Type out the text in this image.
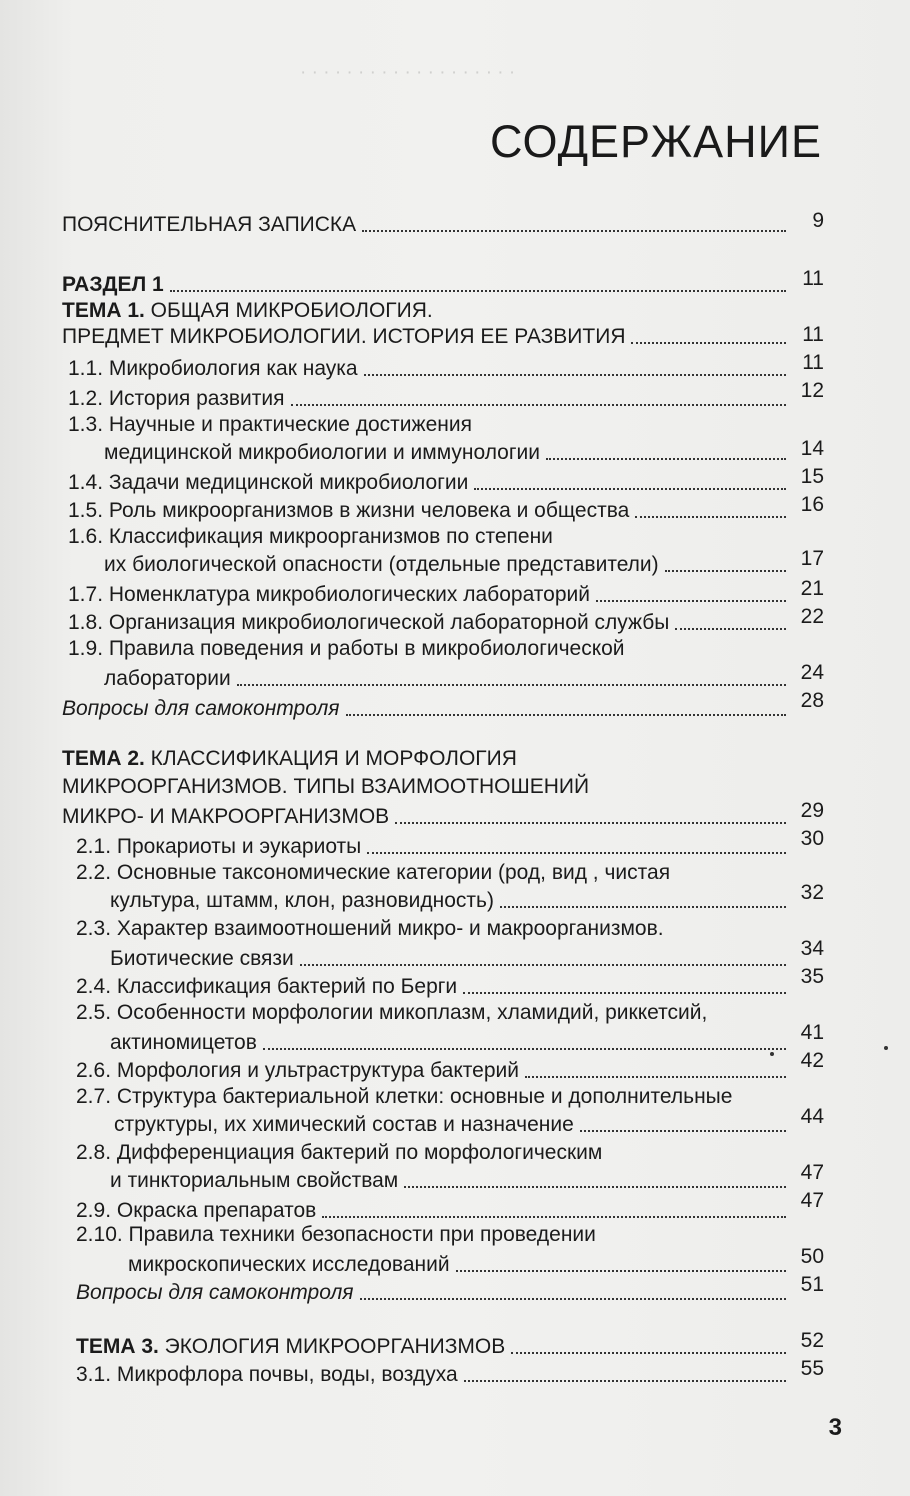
· · · · · · · · · · · · · · · · · · ·
СОДЕРЖАНИЕ
ПОЯСНИТЕЛЬНАЯ ЗАПИСКА	9
РАЗДЕЛ 1	11
ТЕМА 1. ОБЩАЯ МИКРОБИОЛОГИЯ.
ПРЕДМЕТ МИКРОБИОЛОГИИ. ИСТОРИЯ ЕЕ РАЗВИТИЯ	11
1.1. Микробиология как наука	11
1.2. История развития	12
1.3. Научные и практические достижения
медицинской микробиологии и иммунологии	14
1.4. Задачи медицинской микробиологии	15
1.5. Роль микроорганизмов в жизни человека и общества	16
1.6. Классификация микроорганизмов по степени
их биологической опасности (отдельные представители)	17
1.7. Номенклатура микробиологических лабораторий	21
1.8. Организация микробиологической лабораторной службы	22
1.9. Правила поведения и работы в микробиологической
лаборатории	24
Вопросы для самоконтроля	28
ТЕМА 2. КЛАССИФИКАЦИЯ И МОРФОЛОГИЯ
МИКРООРГАНИЗМОВ. ТИПЫ ВЗАИМООТНОШЕНИЙ
МИКРО- И МАКРООРГАНИЗМОВ	29
2.1. Прокариоты и эукариоты	30
2.2. Основные таксономические категории (род, вид , чистая
культура, штамм, клон, разновидность)	32
2.3. Характер взаимоотношений микро- и макроорганизмов.
Биотические связи	34
2.4. Классификация бактерий по Берги	35
2.5. Особенности морфологии микоплазм, хламидий, риккетсий,
актиномицетов	41
2.6. Морфология и ультраструктура бактерий	42
2.7. Структура бактериальной клетки: основные и дополнительные
структуры, их химический состав и назначение	44
2.8. Дифференциация бактерий по морфологическим
и тинкториальным свойствам	47
2.9. Окраска препаратов	47
2.10. Правила техники безопасности при проведении
микроскопических исследований	50
Вопросы для самоконтроля	51
ТЕМА 3. ЭКОЛОГИЯ МИКРООРГАНИЗМОВ	52
3.1. Микрофлора почвы, воды, воздуха	55
3
